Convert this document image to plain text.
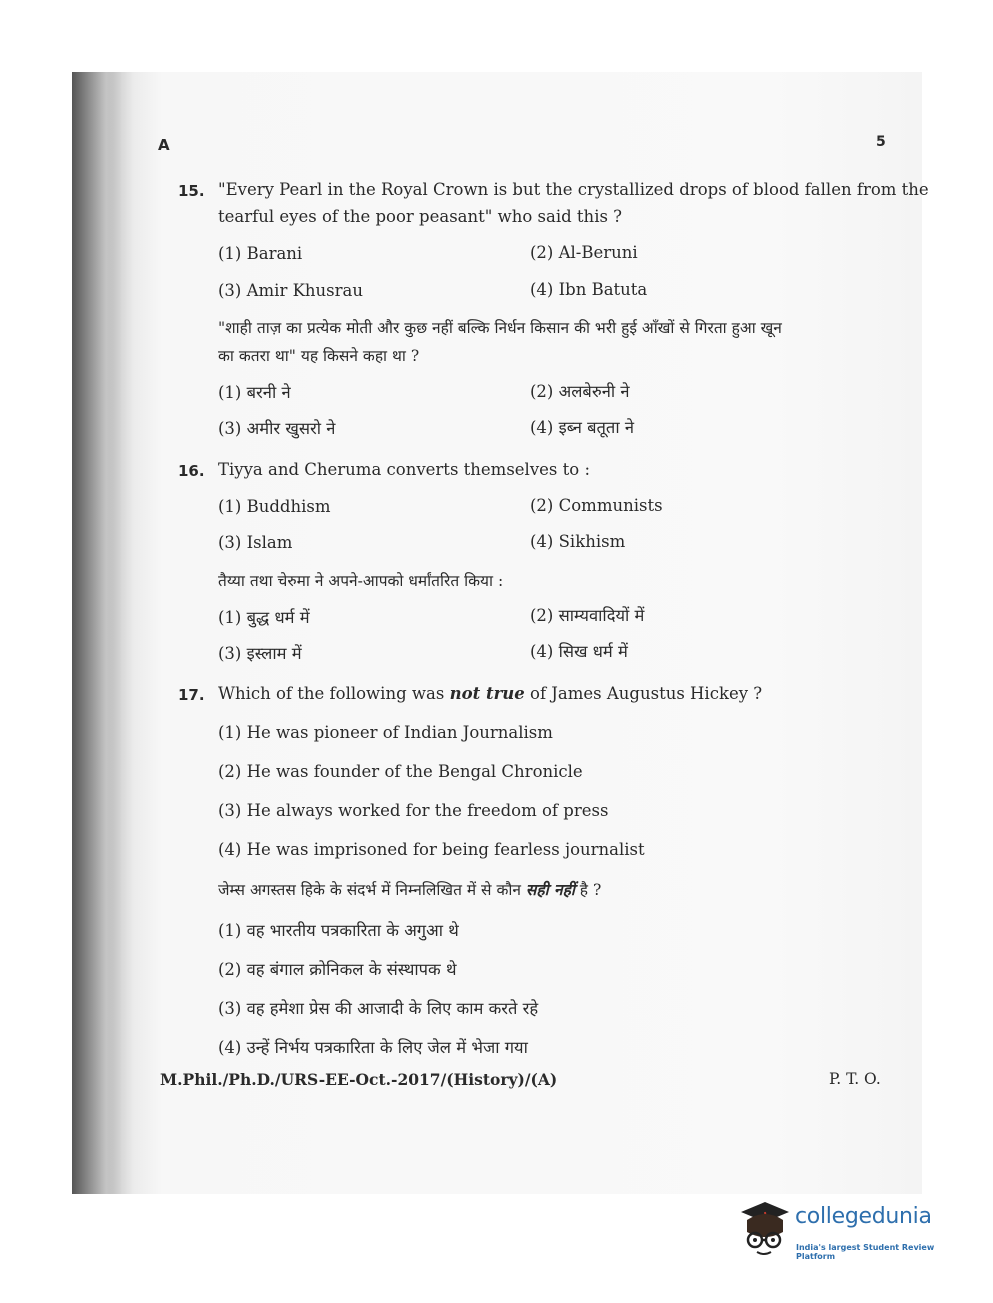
A	5
15. "Every Pearl in the Royal Crown is but the crystallized drops of blood fallen from the
tearful eyes of the poor peasant" who said this ?
(1) Barani	(2) Al-Beruni
(3) Amir Khusrau	(4) Ibn Batuta
"शाही ताज़ का प्रत्येक मोती और कुछ नहीं बल्कि निर्धन किसान की भरी हुई आँखों से गिरता हुआ खून
का कतरा था" यह किसने कहा था ?
(1) बरनी ने	(2) अलबेरुनी ने
(3) अमीर खुसरो ने	(4) इब्न बतूता ने
16. Tiyya and Cheruma converts themselves to :
(1) Buddhism	(2) Communists
(3) Islam	(4) Sikhism
तैय्या तथा चेरुमा ने अपने-आपको धर्मांतरित किया :
(1) बुद्ध धर्म में	(2) साम्यवादियों में
(3) इस्लाम में	(4) सिख धर्म में
17. Which of the following was not true of James Augustus Hickey ?
(1) He was pioneer of Indian Journalism
(2) He was founder of the Bengal Chronicle
(3) He always worked for the freedom of press
(4) He was imprisoned for being fearless journalist
जेम्स अगस्तस हिके के संदर्भ में निम्नलिखित में से कौन सही नहीं है ?
(1) वह भारतीय पत्रकारिता के अगुआ थे
(2) वह बंगाल क्रोनिकल के संस्थापक थे
(3) वह हमेशा प्रेस की आजादी के लिए काम करते रहे
(4) उन्हें निर्भय पत्रकारिता के लिए जेल में भेजा गया
M.Phil./Ph.D./URS-EE-Oct.-2017/(History)/(A)	P. T. O.
collegedunia
India's largest Student Review Platform
